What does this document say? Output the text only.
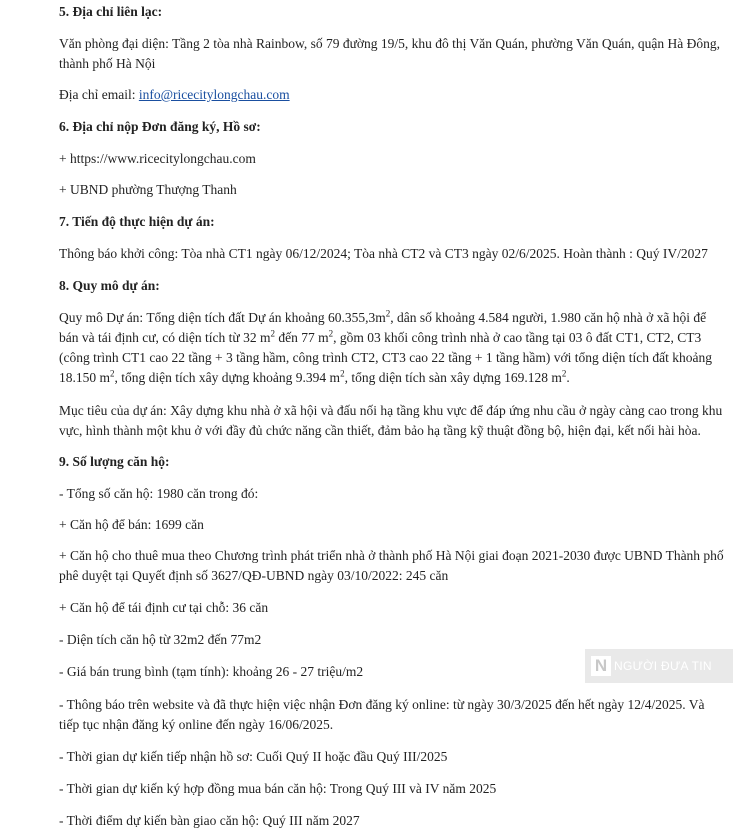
5. Địa chỉ liên lạc:
Văn phòng đại diện: Tầng 2 tòa nhà Rainbow, số 79 đường 19/5, khu đô thị Văn Quán, phường Văn Quán, quận Hà Đông,
thành phố Hà Nội
Địa chỉ email: info@ricecitylongchau.com
6. Địa chỉ nộp Đơn đăng ký, Hồ sơ:
+ https://www.ricecitylongchau.com
+ UBND phường Thượng Thanh
7. Tiến độ thực hiện dự án:
Thông báo khởi công: Tòa nhà CT1 ngày 06/12/2024; Tòa nhà CT2 và CT3 ngày 02/6/2025. Hoàn thành : Quý IV/2027
8. Quy mô dự án:
Quy mô Dự án: Tổng diện tích đất Dự án khoảng $60.355,3m^2$, dân số khoảng 4.584 người, 1.980 căn hộ nhà ở xã hội để
bán và tái định cư, có diện tích từ 32 $m^2$ đến 77 $m^2$, gồm 03 khối công trình nhà ở cao tầng tại 03 ô đất CT1, CT2, CT3
(công trình CT1 cao 22 tầng + 3 tầng hầm, công trình CT2, CT3 cao 22 tầng + 1 tầng hầm) với tổng diện tích đất khoảng
18.150 $m^2$, tổng diện tích xây dựng khoảng 9.394 $m^2$, tổng diện tích sàn xây dựng 169.128 $m^2$.
Mục tiêu của dự án: Xây dựng khu nhà ở xã hội và đấu nối hạ tầng khu vực để đáp ứng nhu cầu ở ngày càng cao trong khu
vực, hình thành một khu ở với đầy đủ chức năng cần thiết, đảm bảo hạ tầng kỹ thuật đồng bộ, hiện đại, kết nối hài hòa.
9. Số lượng căn hộ:
- Tổng số căn hộ: 1980 căn trong đó:
+ Căn hộ để bán: 1699 căn
+ Căn hộ cho thuê mua theo Chương trình phát triển nhà ở thành phố Hà Nội giai đoạn 2021-2030 được UBND Thành phố
phê duyệt tại Quyết định số 3627/QĐ-UBND ngày 03/10/2022: 245 căn
+ Căn hộ để tái định cư tại chỗ: 36 căn
- Diện tích căn hộ từ 32m2 đến 77m2
- Giá bán trung bình (tạm tính): khoảng 26 - 27 triệu/m2
- Thông báo trên website và đã thực hiện việc nhận Đơn đăng ký online: từ ngày 30/3/2025 đến hết ngày 12/4/2025. Và
tiếp tục nhận đăng ký online đến ngày 16/06/2025.
- Thời gian dự kiến tiếp nhận hồ sơ: Cuối Quý II hoặc đầu Quý III/2025
- Thời gian dự kiến ký hợp đồng mua bán căn hộ: Trong Quý III và IV năm 2025
- Thời điểm dự kiến bàn giao căn hộ: Quý III năm 2027
N NGƯỜI ĐƯA TIN
